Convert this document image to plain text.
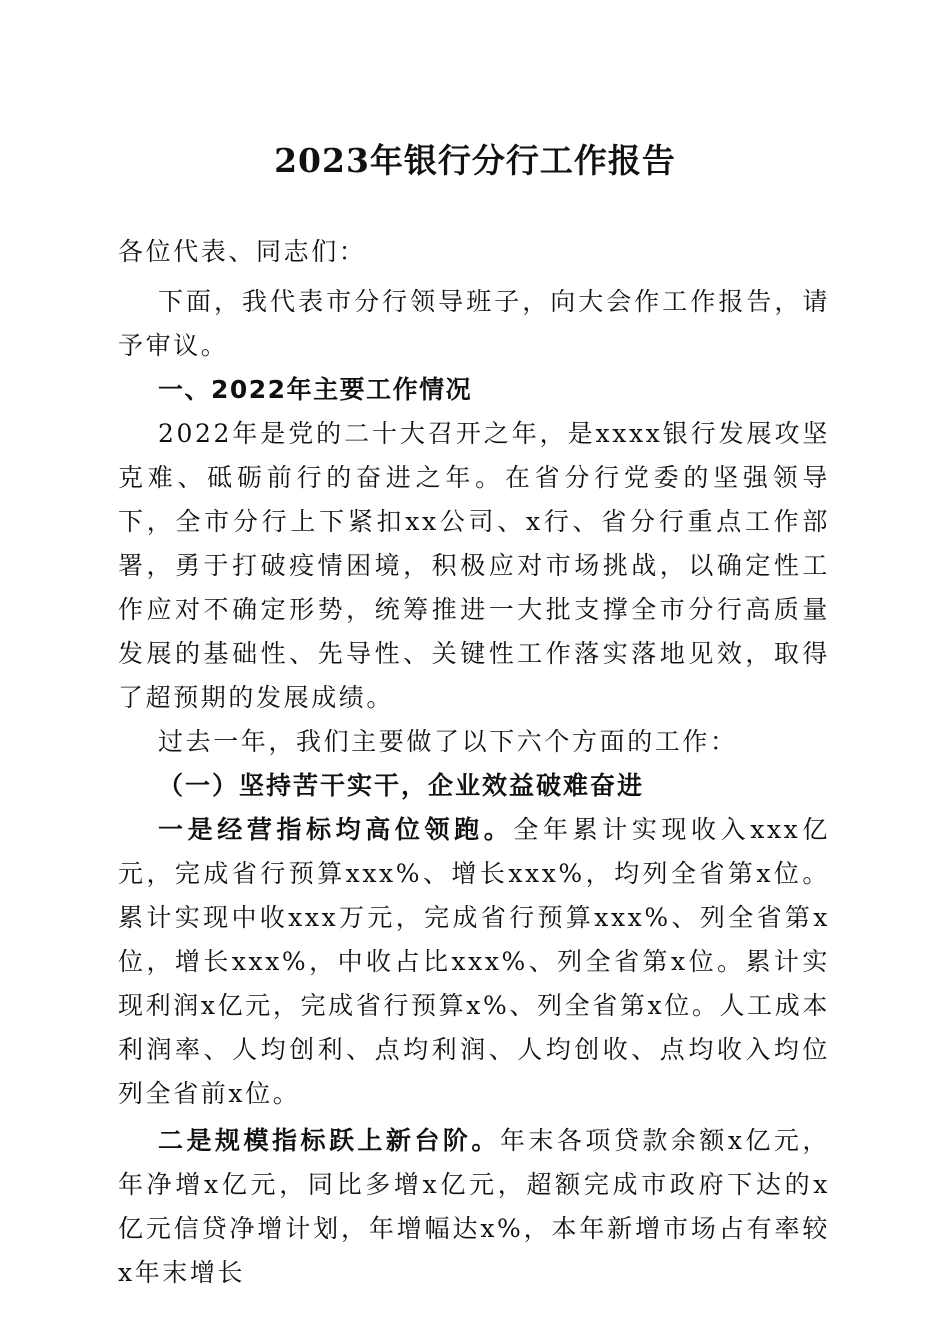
2023年银行分行工作报告

各位代表、同志们：

下面，我代表市分行领导班子，向大会作工作报告，请予审议。

一、2022年主要工作情况

2022年是党的二十大召开之年，是xxxx银行发展攻坚克难、砥砺前行的奋进之年。在省分行党委的坚强领导下，全市分行上下紧扣xx公司、x行、省分行重点工作部署，勇于打破疫情困境，积极应对市场挑战，以确定性工作应对不确定形势，统筹推进一大批支撑全市分行高质量发展的基础性、先导性、关键性工作落实落地见效，取得了超预期的发展成绩。

过去一年，我们主要做了以下六个方面的工作：

（一）坚持苦干实干，企业效益破难奋进

一是经营指标均高位领跑。全年累计实现收入xxx亿元，完成省行预算xxx%、增长xxx%，均列全省第x位。累计实现中收xxx万元，完成省行预算xxx%、列全省第x位，增长xxx%，中收占比xxx%、列全省第x位。累计实现利润x亿元，完成省行预算x%、列全省第x位。人工成本利润率、人均创利、点均利润、人均创收、点均收入均位列全省前x位。

二是规模指标跃上新台阶。年末各项贷款余额x亿元，年净增x亿元，同比多增x亿元，超额完成市政府下达的x亿元信贷净增计划，年增幅达x%，本年新增市场占有率较x年末增长
